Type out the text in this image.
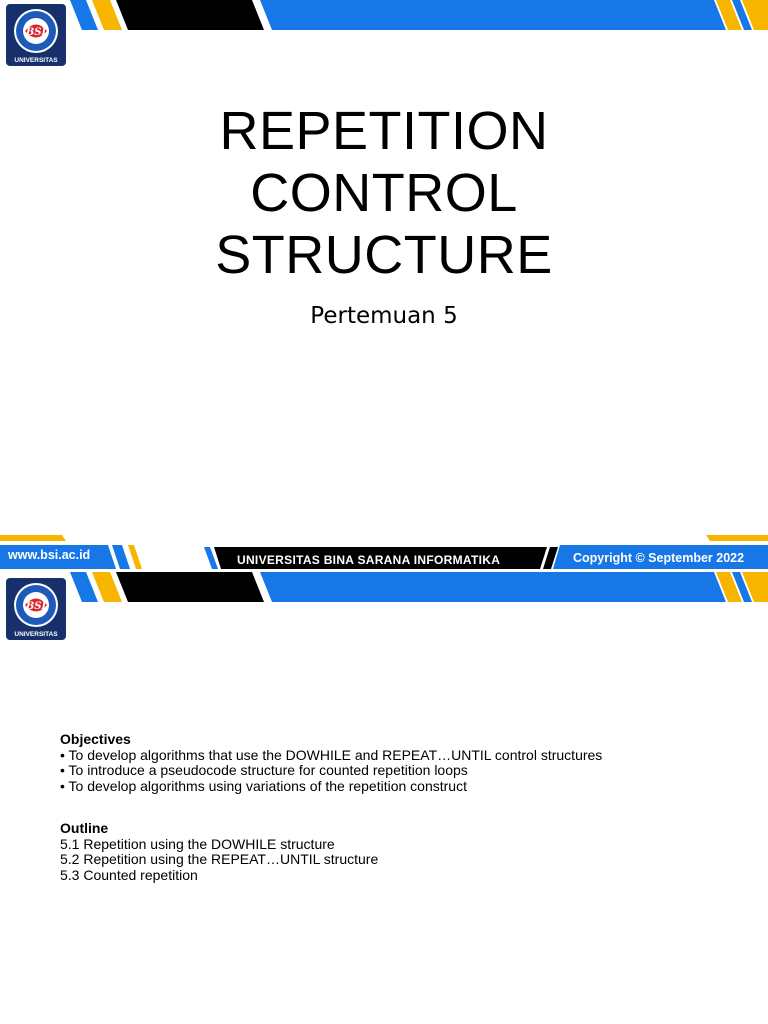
BSI
UNIVERSITAS
REPETITION
CONTROL
STRUCTURE
Pertemuan 5
www.bsi.ac.id	UNIVERSITAS BINA SARANA INFORMATIKA	Copyright © September 2022
BSI
UNIVERSITAS
Objectives
• To develop algorithms that use the DOWHILE and REPEAT…UNTIL control structures
• To introduce a pseudocode structure for counted repetition loops
• To develop algorithms using variations of the repetition construct
Outline
5.1 Repetition using the DOWHILE structure
5.2 Repetition using the REPEAT…UNTIL structure
5.3 Counted repetition
